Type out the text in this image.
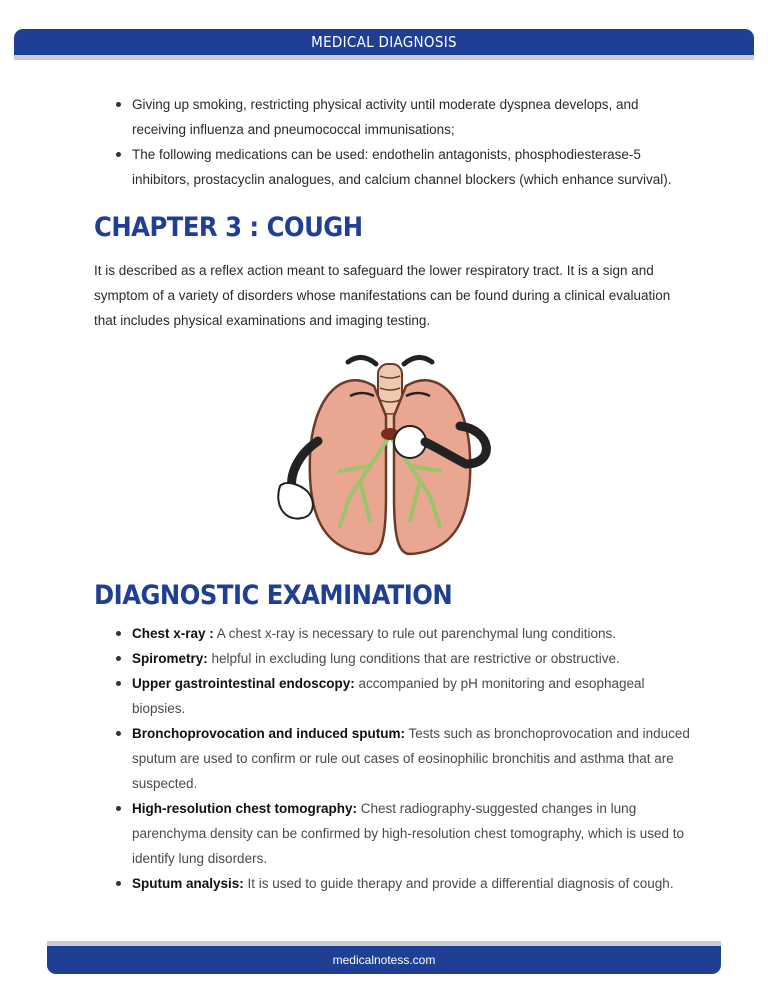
MEDICAL DIAGNOSIS
Giving up smoking, restricting physical activity until moderate dyspnea develops, and receiving influenza and pneumococcal immunisations;
The following medications can be used: endothelin antagonists, phosphodiesterase-5 inhibitors, prostacyclin analogues, and calcium channel blockers (which enhance survival).
CHAPTER 3 : COUGH

It is described as a reflex action meant to safeguard the lower respiratory tract. It is a sign and symptom of a variety of disorders whose manifestations can be found during a clinical evaluation that includes physical examinations and imaging testing.

DIAGNOSTIC EXAMINATION
Chest x-ray : A chest x-ray is necessary to rule out parenchymal lung conditions.
Spirometry: helpful in excluding lung conditions that are restrictive or obstructive.
Upper gastrointestinal endoscopy: accompanied by pH monitoring and esophageal biopsies.
Bronchoprovocation and induced sputum: Tests such as bronchoprovocation and induced sputum are used to confirm or rule out cases of eosinophilic bronchitis and asthma that are suspected.
High-resolution chest tomography: Chest radiography-suggested changes in lung parenchyma density can be confirmed by high-resolution chest tomography, which is used to identify lung disorders.
Sputum analysis: It is used to guide therapy and provide a differential diagnosis of cough.
medicalnotess.com
